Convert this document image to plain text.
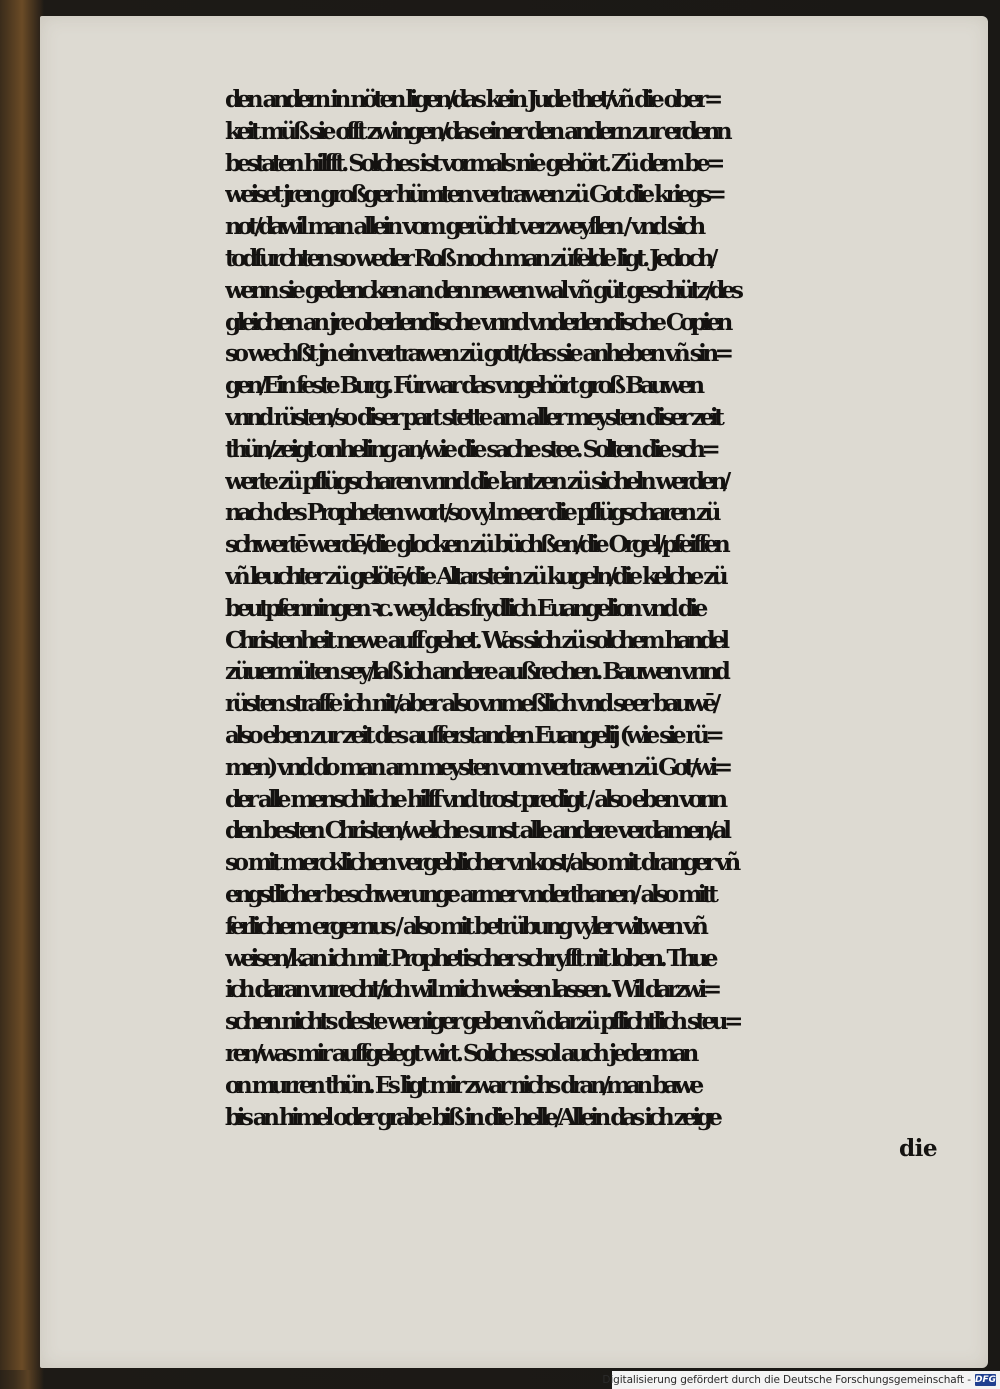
den andern in nöten ligen/das kein Jude thet/vñ die ober=
keit müß sie offt zwingen/das einer den andern zur erdenn
bestaten hilfft. Solches ist vormals nie gehört. Zü dem be=
weiset jren großger hümten vertrawen zü Got die kriegs=
not/dawil man allein vom gerücht verzweyflen / vnd sich
todfurchten so weder Roß noch man züfelde ligt. Jedoch/
wenn sie gedencken an den newen wal vñ güt geschütz/des
gleichen an jre oberlendische vnnd vnderlendische Copien
so wechßt jn ein vertrawen zü gott/das sie anheben vñ sin=
gen/Ein feste Burg. Fürwar das vngehört groß Bauwen
vnnd rüsten/so diser part stette am aller meysten diser zeit
thün/zeigt onheling an/wie die sache stee. Solten die sch=
werte zü pflügscharen vnnd die lantzen zü sicheln werden/
nach des Propheten wort/so vyl meer die pflügscharen zü
schwertē werdē/die glocken zü büchßen/die Orgel/pfeiffen
vñ leuchter zü gelötē/die Altarstein zü kugeln/die kelche zü
beutpfenningen ꝛc. weyl das frydlich Euangelion vnd die
Christenheit newe auff gehet. Was sich zü solchem handel
züuermüten sey/laß ich andere außrechen. Bauwen vnnd
rüsten straffe ich nit/aber also vnmeßlich vnd seer bauwē/
also eben zur zeit des aufferstanden Euangelij (wie sie rü=
men) vnd do man am meysten vom vertrawen zü Got/wi=
der alle menschliche hilff vnd trost predigt / also eben vonn
den besten Christen/welche sunst alle andere verdamen/al
so mit mercklichen vergeblicher vnkost/also mit dranger vñ
engstlicher beschwerunge armer vnderthanen/ also mitt
ferlichem ergernus / also mit betrübung vyler witwen vñ
weisen/kan ich mit Prophetischer schryfft nit loben. Thue
ich daran vnrecht/ich wil mich weisen lassen. Wil darzwi=
schen nichts deste weniger geben vñ darzü pflichtlich steu=
ren/was mir auffgelegt wirt. Solches sol auch jederman
on murren thün. Es ligt mir zwar nichs dran/man bawe
bis an himel oder grabe biß in die helle/Allein das ich zeige
die
Digitalisierung gefördert durch die Deutsche Forschungsgemeinschaft - DFG
